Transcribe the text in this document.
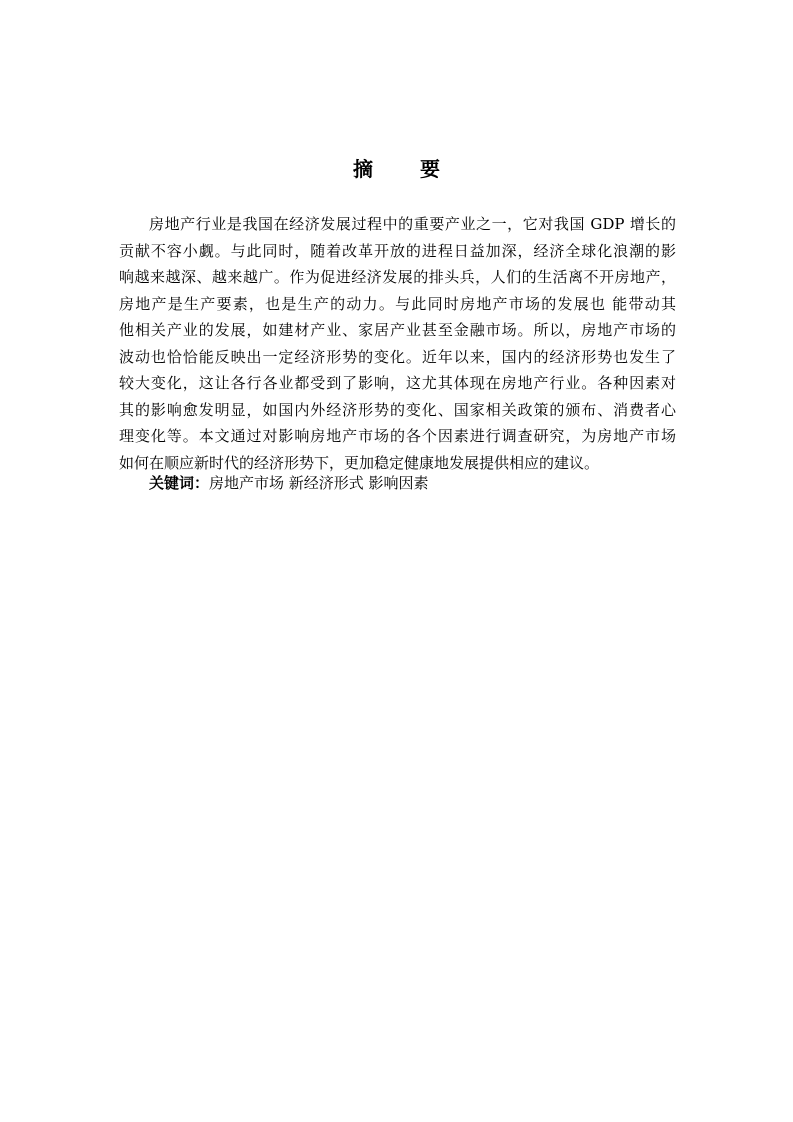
摘 要
房地产行业是我国在经济发展过程中的重要产业之一，它对我国 GDP 增长的
贡献不容小觑。与此同时，随着改革开放的进程日益加深，经济全球化浪潮的影
响越来越深、越来越广。作为促进经济发展的排头兵，人们的生活离不开房地产，
房地产是生产要素，也是生产的动力。与此同时房地产市场的发展也 能带动其
他相关产业的发展，如建材产业、家居产业甚至金融市场。所以，房地产市场的
波动也恰恰能反映出一定经济形势的变化。近年以来，国内的经济形势也发生了
较大变化，这让各行各业都受到了影响，这尤其体现在房地产行业。各种因素对
其的影响愈发明显，如国内外经济形势的变化、国家相关政策的颁布、消费者心
理变化等。本文通过对影响房地产市场的各个因素进行调查研究，为房地产市场
如何在顺应新时代的经济形势下，更加稳定健康地发展提供相应的建议。
关键词：房地产市场 新经济形式 影响因素
